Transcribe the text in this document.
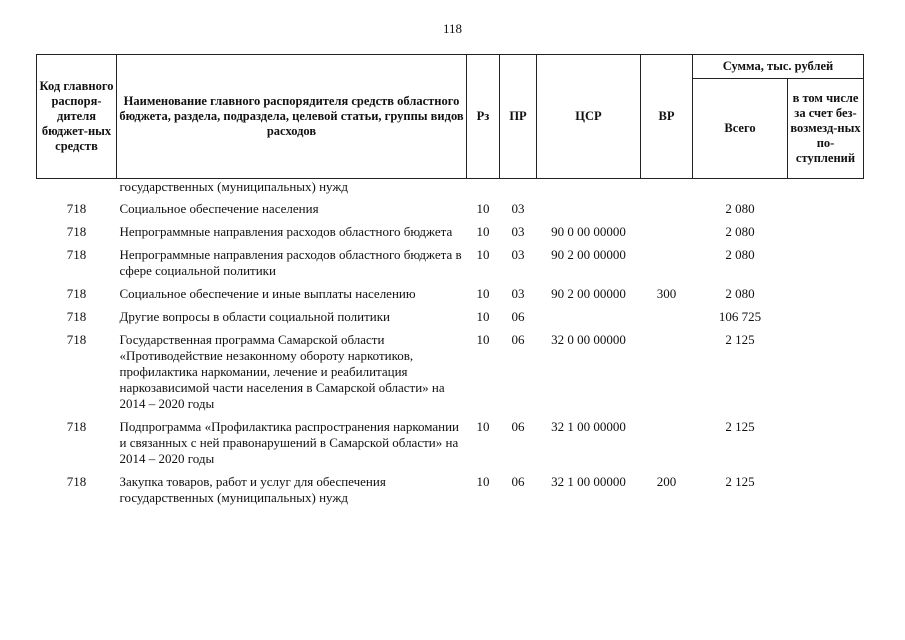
118
Код главного распоря-дителя бюджет-ных средств	Наименование главного распорядителя средств областного бюджета, раздела, подраздела, целевой статьи, группы видов расходов	Рз	ПР	ЦСР	ВР	Сумма, тыс. рублей	
						Всего	в том числе за счет без-возмезд-ных по-ступлений
	государственных (муниципальных) нужд						
718	Социальное обеспечение населения	10	03			2 080	
718	Непрограммные направления расходов областного бюджета	10	03	90 0 00 00000		2 080	
718	Непрограммные направления расходов областного бюджета в сфере социальной политики	10	03	90 2 00 00000		2 080	
718	Социальное обеспечение и иные выплаты населению	10	03	90 2 00 00000	300	2 080	
718	Другие вопросы в области социальной политики	10	06			106 725	
718	Государственная программа Самарской области «Противодействие незаконному обороту наркотиков, профилактика наркомании, лечение и реабилитация наркозависимой части населения в Самарской области» на 2014 – 2020 годы	10	06	32 0 00 00000		2 125	
718	Подпрограмма «Профилактика распространения наркомании и связанных с ней правонарушений в Самарской области» на 2014 – 2020 годы	10	06	32 1 00 00000		2 125	
718	Закупка товаров, работ и услуг для обеспечения государственных (муниципальных) нужд	10	06	32 1 00 00000	200	2 125	
